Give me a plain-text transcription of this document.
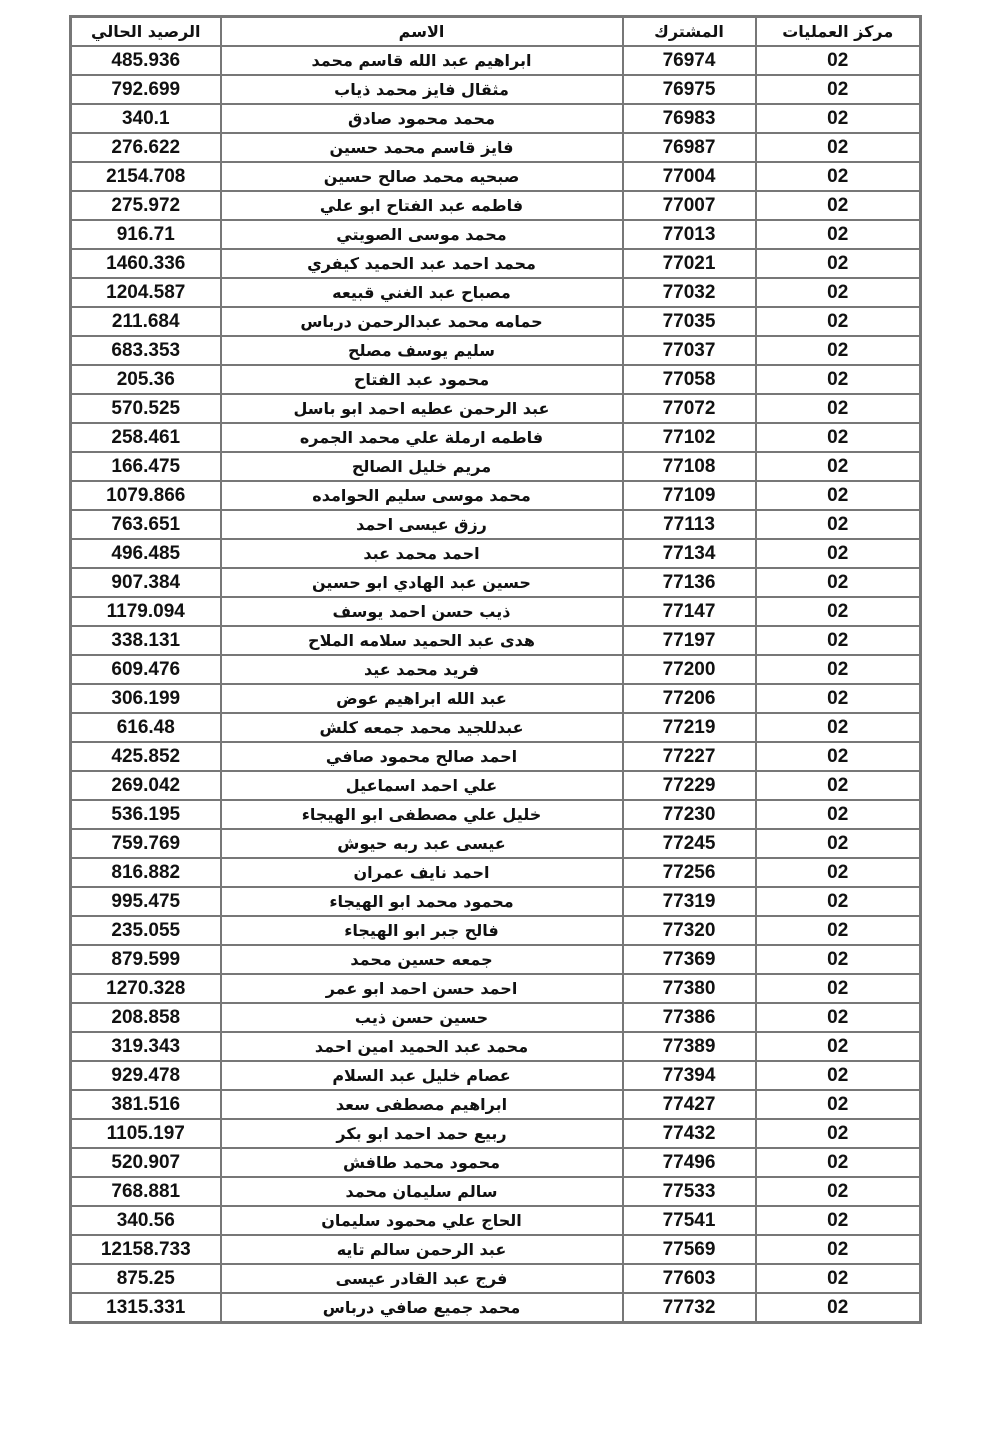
مركز العمليات	المشترك	الاسم	الرصيد الحالي
02	76974	ابراهيم عبد الله قاسم محمد	485.936
02	76975	مثقال فايز محمد ذياب	792.699
02	76983	محمد محمود صادق	340.1
02	76987	فايز قاسم محمد حسين	276.622
02	77004	صبحيه محمد صالح حسين	2154.708
02	77007	فاطمه عبد الفتاح ابو علي	275.972
02	77013	محمد موسى الصويتي	916.71
02	77021	محمد احمد عبد الحميد كيفري	1460.336
02	77032	مصباح عبد الغني قبيعه	1204.587
02	77035	حمامه محمد عبدالرحمن درباس	211.684
02	77037	سليم يوسف مصلح	683.353
02	77058	محمود عبد الفتاح	205.36
02	77072	عبد الرحمن عطيه احمد ابو باسل	570.525
02	77102	فاطمه ارملة علي محمد الجمره	258.461
02	77108	مريم خليل الصالح	166.475
02	77109	محمد موسى سليم الحوامده	1079.866
02	77113	رزق عيسى احمد	763.651
02	77134	احمد محمد عبد	496.485
02	77136	حسين عبد الهادي ابو حسين	907.384
02	77147	ذيب حسن احمد يوسف	1179.094
02	77197	هدى عبد الحميد سلامه الملاح	338.131
02	77200	فريد محمد عيد	609.476
02	77206	عبد الله ابراهيم عوض	306.199
02	77219	عبدللجيد محمد جمعه كلش	616.48
02	77227	احمد صالح محمود صافي	425.852
02	77229	علي احمد اسماعيل	269.042
02	77230	خليل علي مصطفى ابو الهيجاء	536.195
02	77245	عيسى عبد ربه حيوش	759.769
02	77256	احمد نايف عمران	816.882
02	77319	محمود محمد ابو الهيجاء	995.475
02	77320	فالح جبر ابو الهيجاء	235.055
02	77369	جمعه حسين محمد	879.599
02	77380	احمد حسن احمد ابو عمر	1270.328
02	77386	حسين حسن ذيب	208.858
02	77389	محمد عبد الحميد امين احمد	319.343
02	77394	عصام خليل عبد السلام	929.478
02	77427	ابراهيم مصطفى سعد	381.516
02	77432	ربيع حمد احمد ابو بكر	1105.197
02	77496	محمود محمد طافش	520.907
02	77533	سالم سليمان محمد	768.881
02	77541	الحاج علي محمود سليمان	340.56
02	77569	عبد الرحمن سالم تايه	12158.733
02	77603	فرج عبد القادر عيسى	875.25
02	77732	محمد جميع صافي درباس	1315.331
